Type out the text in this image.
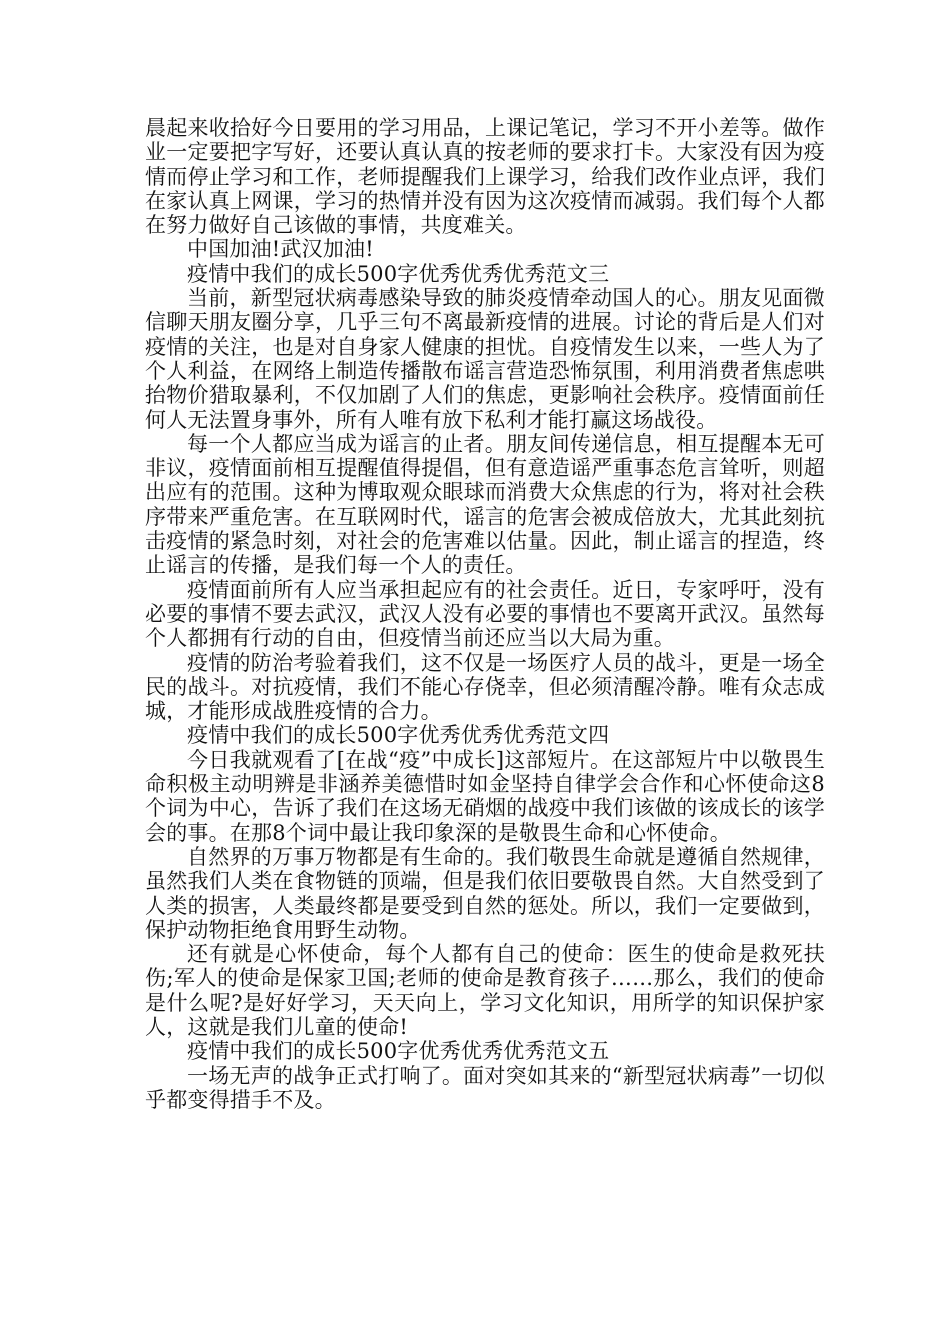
晨起来收拾好今日要用的学习用品，上课记笔记，学习不开小差等。做作业一定要把字写好，还要认真认真的按老师的要求打卡。大家没有因为疫情而停止学习和工作，老师提醒我们上课学习，给我们改作业点评，我们在家认真上网课，学习的热情并没有因为这次疫情而减弱。我们每个人都在努力做好自己该做的事情，共度难关。

中国加油!武汉加油!

疫情中我们的成长500字优秀优秀优秀范文三

当前，新型冠状病毒感染导致的肺炎疫情牵动国人的心。朋友见面微信聊天朋友圈分享，几乎三句不离最新疫情的进展。讨论的背后是人们对疫情的关注，也是对自身家人健康的担忧。自疫情发生以来，一些人为了个人利益，在网络上制造传播散布谣言营造恐怖氛围，利用消费者焦虑哄抬物价猎取暴利，不仅加剧了人们的焦虑，更影响社会秩序。疫情面前任何人无法置身事外，所有人唯有放下私利才能打赢这场战役。

每一个人都应当成为谣言的止者。朋友间传递信息，相互提醒本无可非议，疫情面前相互提醒值得提倡，但有意造谣严重事态危言耸听，则超出应有的范围。这种为博取观众眼球而消费大众焦虑的行为，将对社会秩序带来严重危害。在互联网时代，谣言的危害会被成倍放大，尤其此刻抗击疫情的紧急时刻，对社会的危害难以估量。因此，制止谣言的捏造，终止谣言的传播，是我们每一个人的责任。

疫情面前所有人应当承担起应有的社会责任。近日，专家呼吁，没有必要的事情不要去武汉，武汉人没有必要的事情也不要离开武汉。虽然每个人都拥有行动的自由，但疫情当前还应当以大局为重。

疫情的防治考验着我们，这不仅是一场医疗人员的战斗，更是一场全民的战斗。对抗疫情，我们不能心存侥幸，但必须清醒冷静。唯有众志成城，才能形成战胜疫情的合力。

疫情中我们的成长500字优秀优秀优秀范文四

今日我就观看了[在战“疫”中成长]这部短片。在这部短片中以敬畏生命积极主动明辨是非涵养美德惜时如金坚持自律学会合作和心怀使命这8个词为中心，告诉了我们在这场无硝烟的战疫中我们该做的该成长的该学会的事。在那8个词中最让我印象深的是敬畏生命和心怀使命。

自然界的万事万物都是有生命的。我们敬畏生命就是遵循自然规律，虽然我们人类在食物链的顶端，但是我们依旧要敬畏自然。大自然受到了人类的损害，人类最终都是要受到自然的惩处。所以，我们一定要做到，保护动物拒绝食用野生动物。

还有就是心怀使命，每个人都有自己的使命：医生的使命是救死扶伤;军人的使命是保家卫国;老师的使命是教育孩子……那么，我们的使命是什么呢?是好好学习，天天向上，学习文化知识，用所学的知识保护家人，这就是我们儿童的使命!

疫情中我们的成长500字优秀优秀优秀范文五

一场无声的战争正式打响了。面对突如其来的“新型冠状病毒”一切似乎都变得措手不及。
